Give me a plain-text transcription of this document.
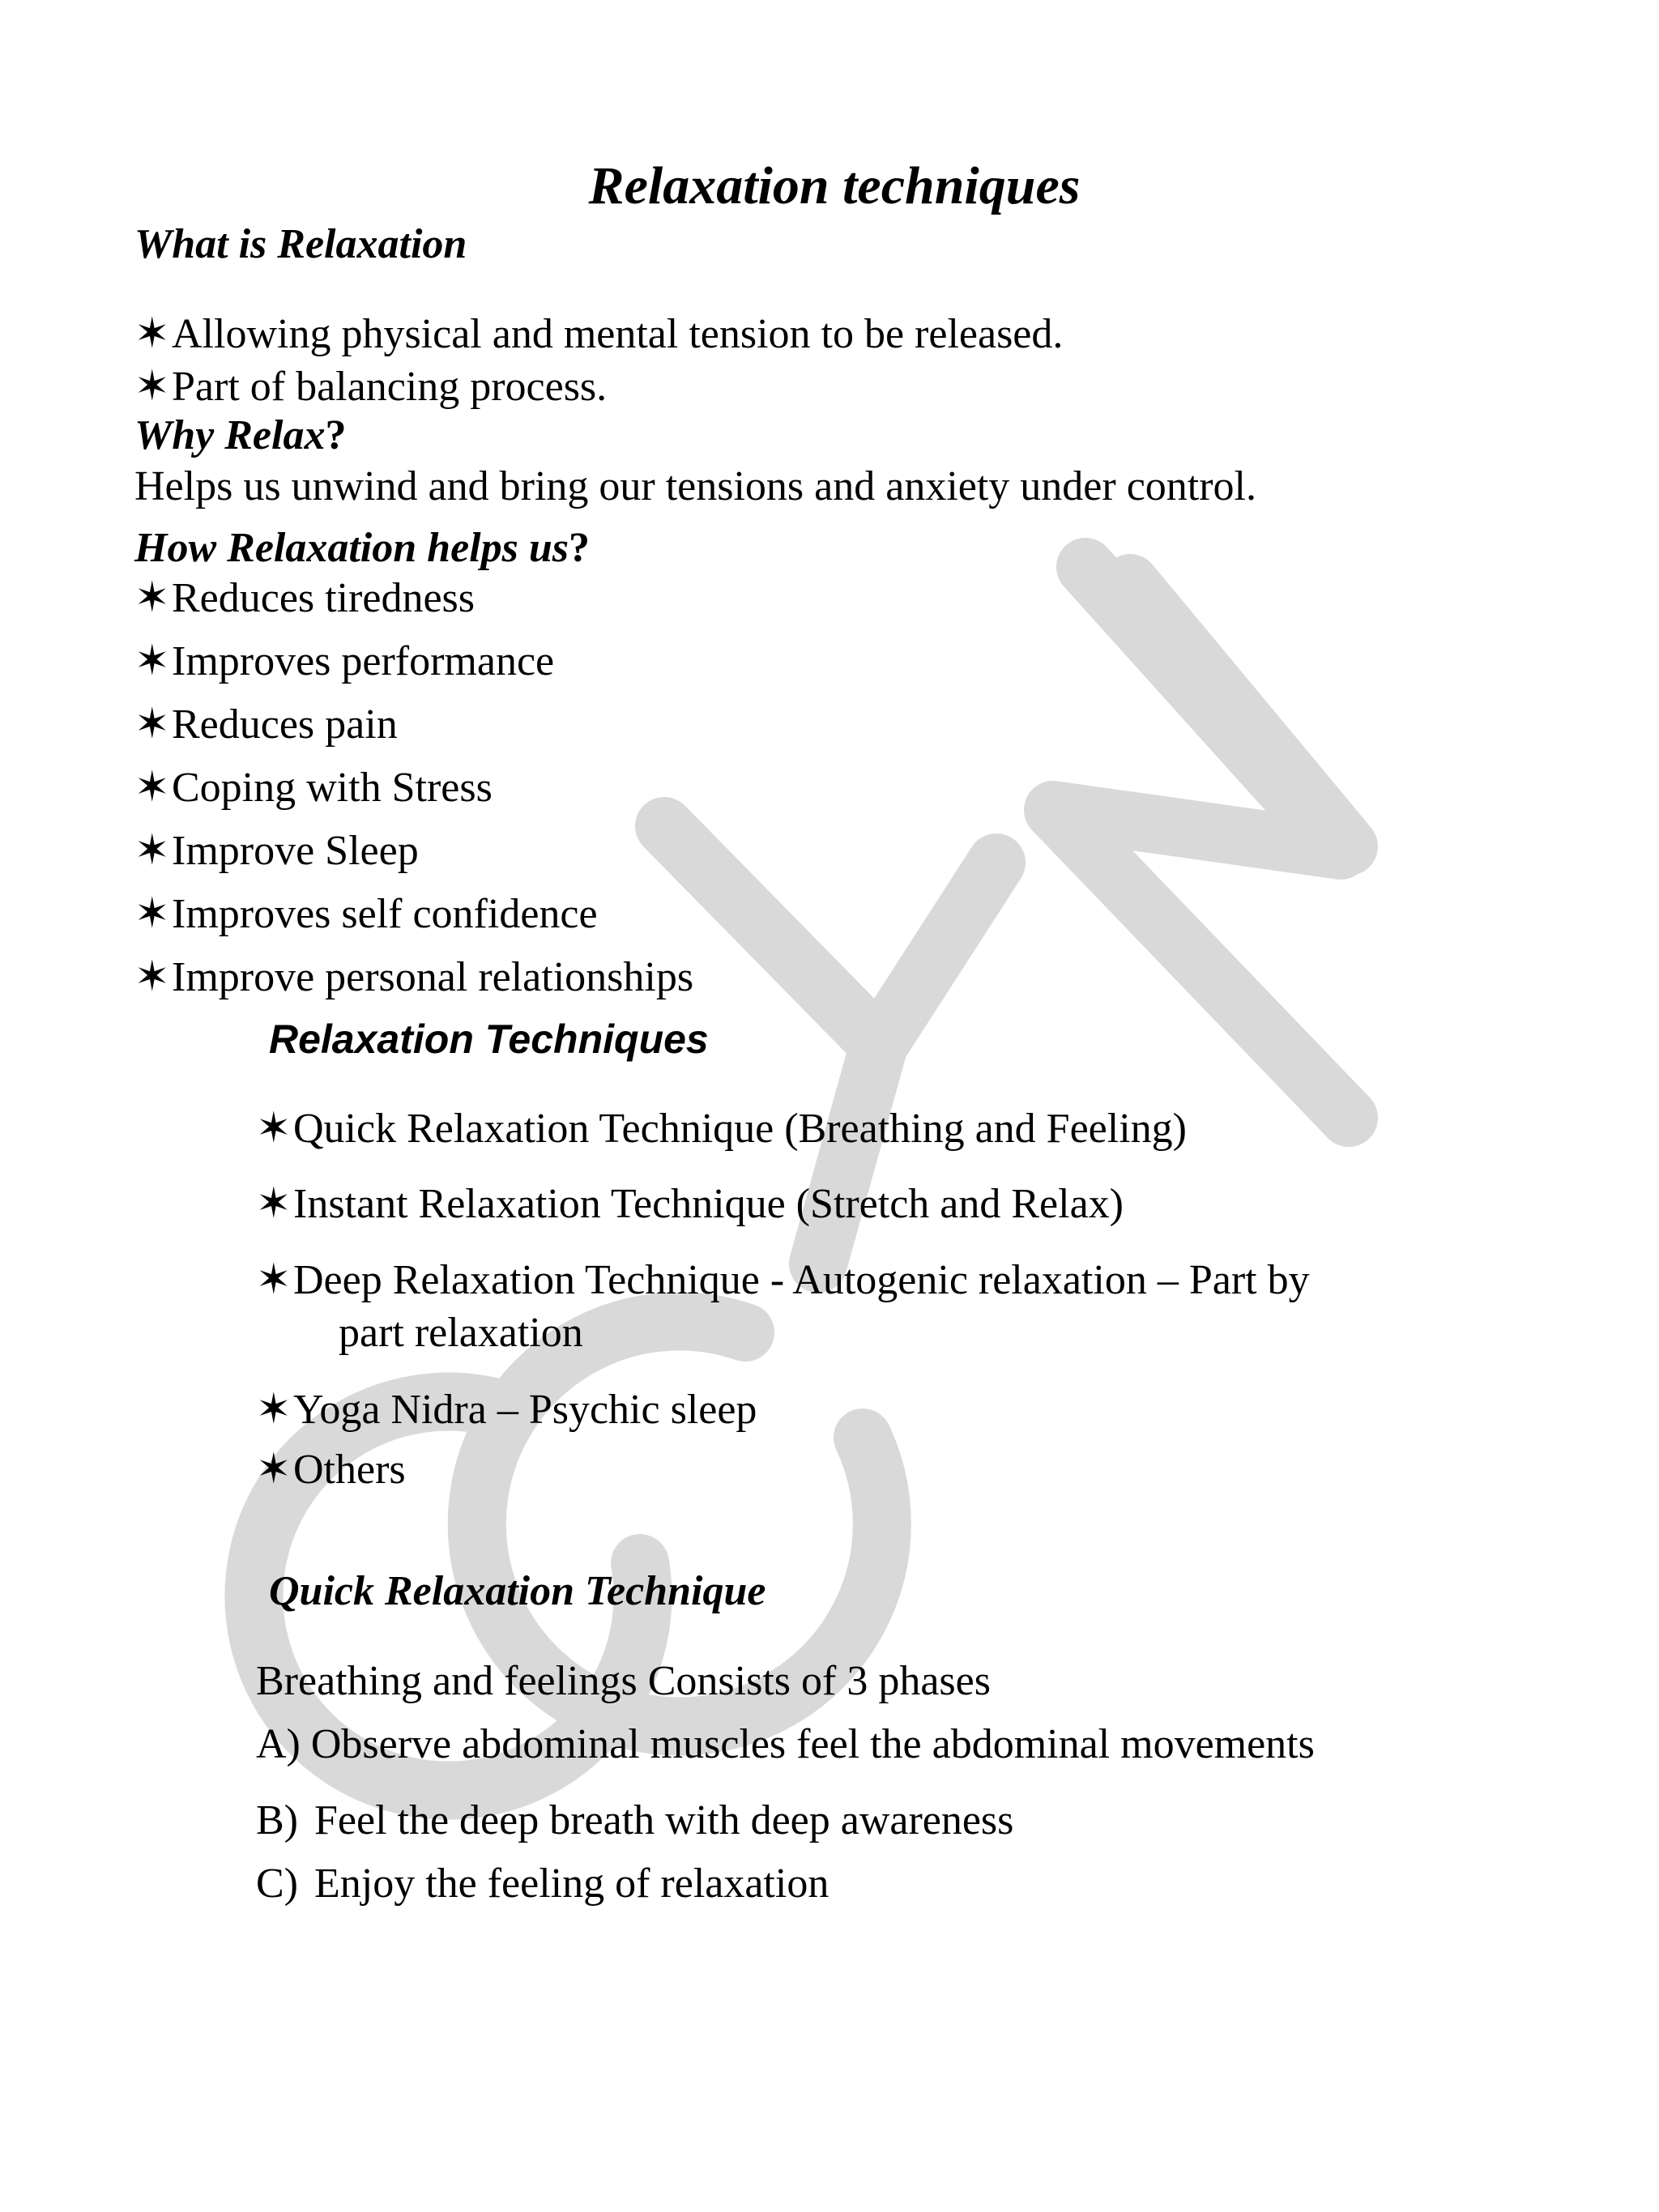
Relaxation techniques
What is Relaxation
✶Allowing physical and mental tension to be released.
✶Part of balancing process.
Why Relax?
Helps us unwind and bring our tensions and anxiety under control.
How Relaxation helps us?
✶Reduces tiredness
✶Improves performance
✶Reduces pain
✶Coping with Stress
✶Improve Sleep
✶Improves self confidence
✶Improve personal relationships
Relaxation Techniques
✶Quick Relaxation Technique (Breathing and Feeling)
✶Instant Relaxation Technique (Stretch and Relax)
✶Deep Relaxation Technique - Autogenic relaxation – Part by
part relaxation
✶Yoga Nidra – Psychic sleep
✶Others
Quick Relaxation Technique
Breathing and feelings Consists of 3 phases
A) Observe abdominal muscles feel the abdominal movements
B) Feel the deep breath with deep awareness
C) Enjoy the feeling of relaxation
